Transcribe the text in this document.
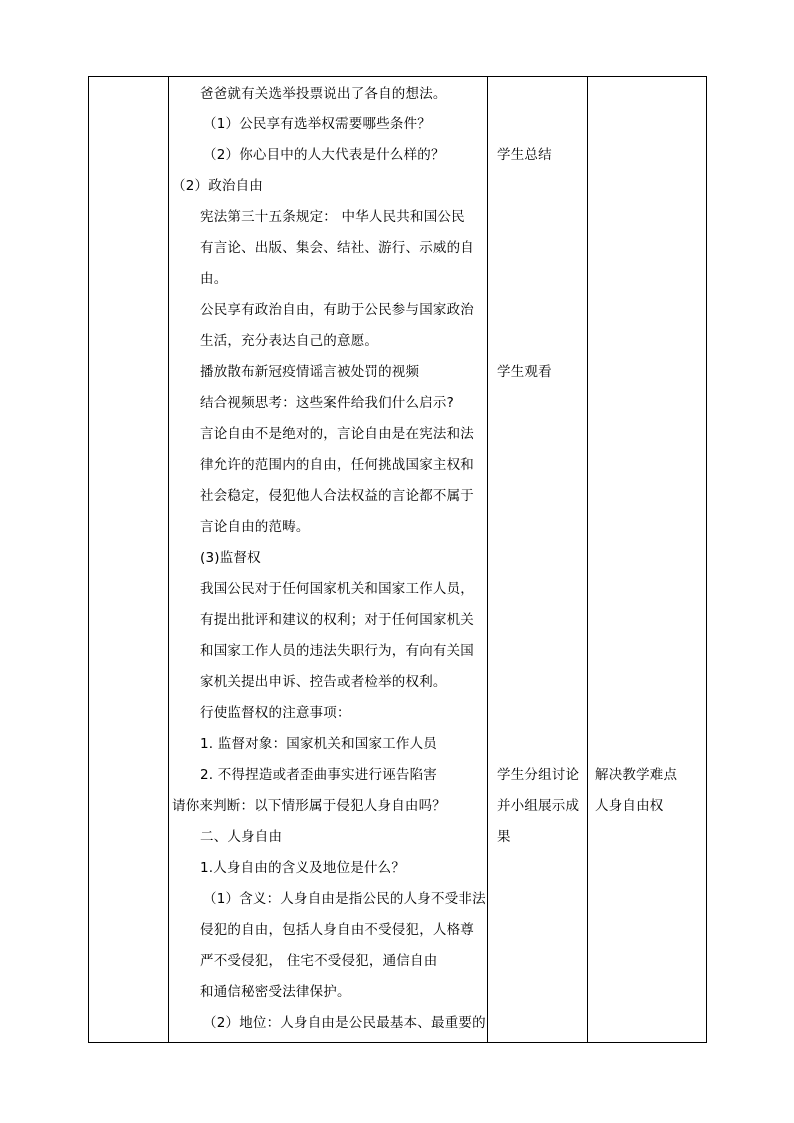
爸爸就有关选举投票说出了各自的想法。
（1）公民享有选举权需要哪些条件？
（2）你心目中的人大代表是什么样的？
（2）政治自由
宪法第三十五条规定： 中华人民共和国公民
有言论、出版、集会、结社、游行、示威的自
由。
公民享有政治自由，有助于公民参与国家政治
生活，充分表达自己的意愿。
播放散布新冠疫情谣言被处罚的视频
结合视频思考：这些案件给我们什么启示?
言论自由不是绝对的，言论自由是在宪法和法
律允许的范围内的自由，任何挑战国家主权和
社会稳定，侵犯他人合法权益的言论都不属于
言论自由的范畴。
(3)监督权
我国公民对于任何国家机关和国家工作人员，
有提出批评和建议的权利；对于任何国家机关
和国家工作人员的违法失职行为，有向有关国
家机关提出申诉、控告或者检举的权利。
行使监督权的注意事项：
1. 监督对象：国家机关和国家工作人员
2. 不得捏造或者歪曲事实进行诬告陷害
请你来判断：以下情形属于侵犯人身自由吗？
二、人身自由
1.人身自由的含义及地位是什么？
（1）含义：人身自由是指公民的人身不受非法
侵犯的自由，包括人身自由不受侵犯，人格尊
严不受侵犯， 住宅不受侵犯，通信自由
和通信秘密受法律保护。
（2）地位：人身自由是公民最基本、最重要的
学生总结
学生观看
学生分组讨论
并小组展示成
果
解决教学难点
人身自由权
